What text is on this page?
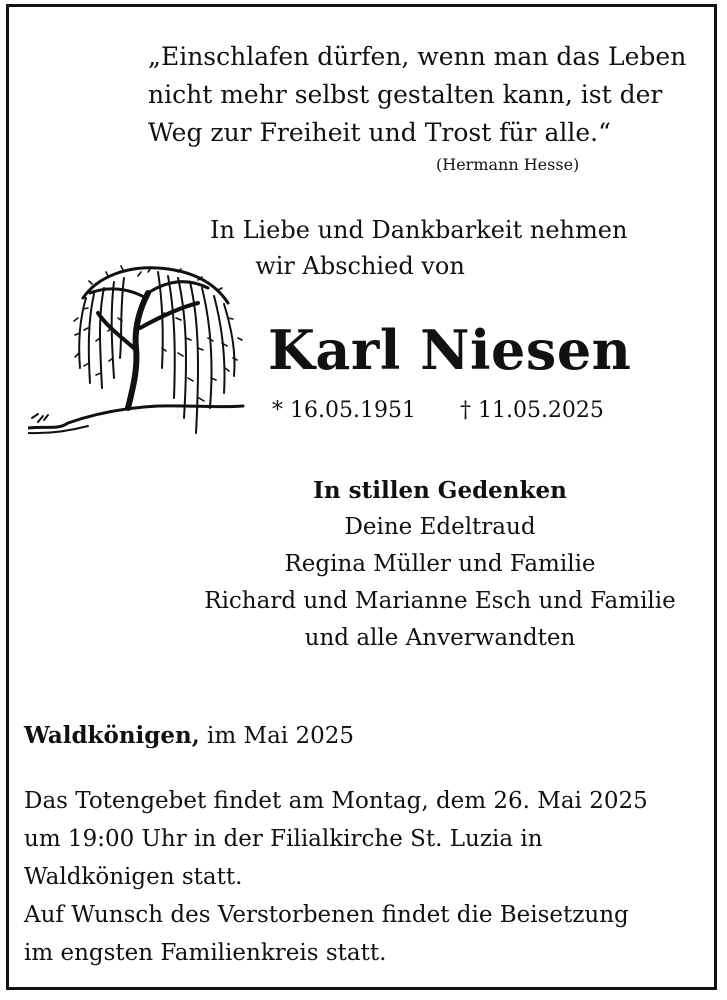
„Einschlafen dürfen, wenn man das Leben
nicht mehr selbst gestalten kann, ist der
Weg zur Freiheit und Trost für alle.“
(Hermann Hesse)
In Liebe und Dankbarkeit nehmen
wir Abschied von
Karl Niesen
* 16.05.1951 † 11.05.2025
In stillen Gedenken
Deine Edeltraud
Regina Müller und Familie
Richard und Marianne Esch und Familie
und alle Anverwandten
Waldkönigen, im Mai 2025
Das Totengebet findet am Montag, dem 26. Mai 2025
um 19:00 Uhr in der Filialkirche St. Luzia in
Waldkönigen statt.
Auf Wunsch des Verstorbenen findet die Beisetzung
im engsten Familienkreis statt.
